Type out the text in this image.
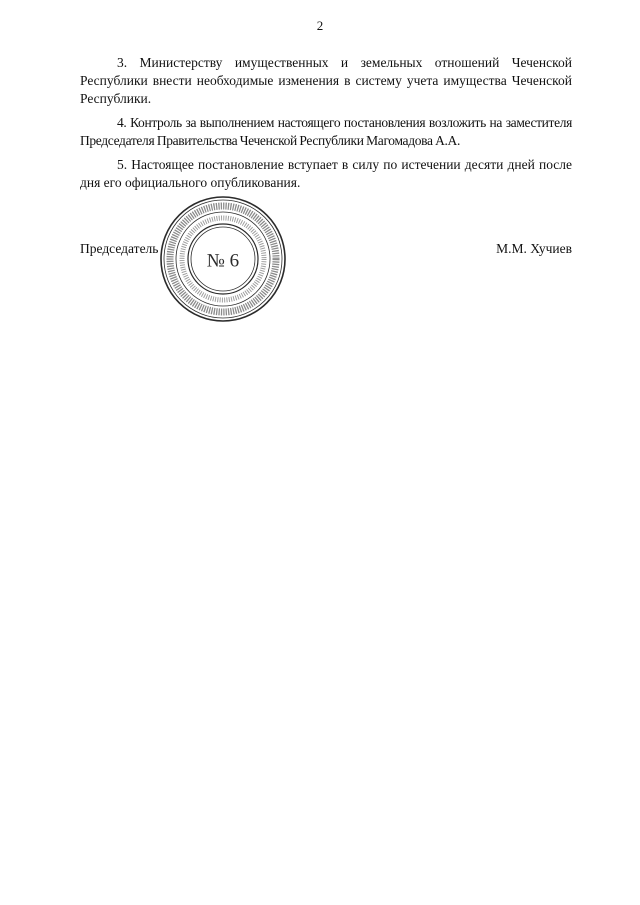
2

3. Министерству имущественных и земельных отношений Чеченской Республики внести необходимые изменения в систему учета имущества Чеченской Республики.

4. Контроль за выполнением настоящего постановления возложить на заместителя Председателя Правительства Чеченской Республики Магомадова А.А.

5. Настоящее постановление вступает в силу по истечении десяти дней после дня его официального опубликования.

Председатель	М.М. Хучиев
№ 6
